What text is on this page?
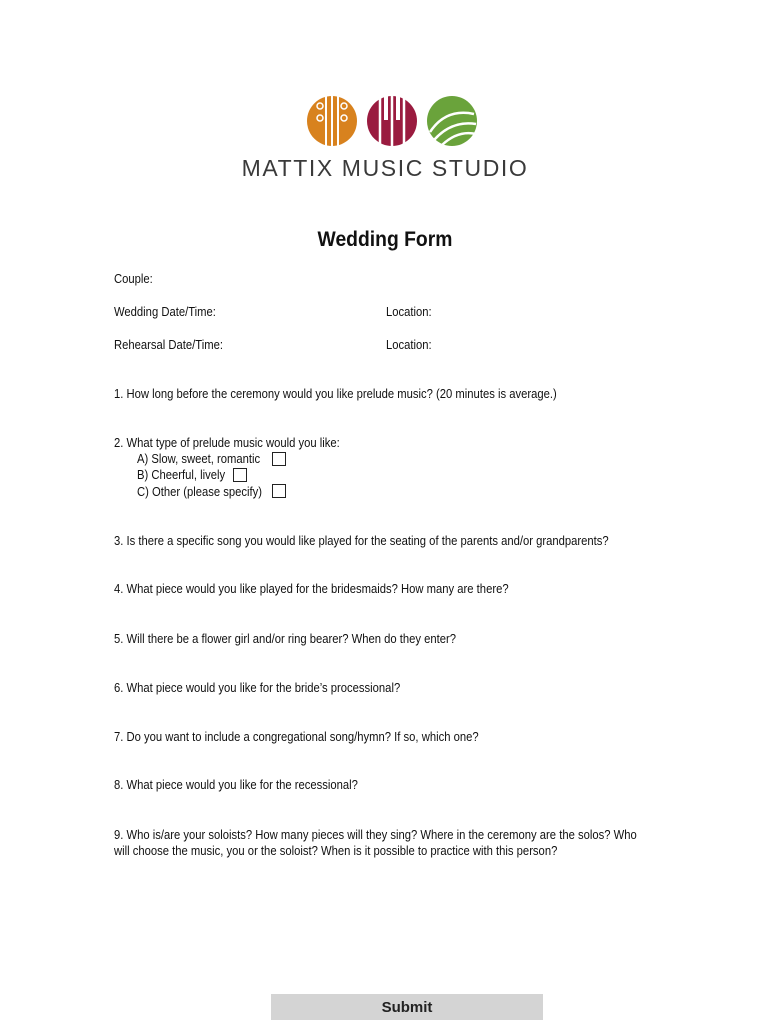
MATTIX MUSIC STUDIO
Wedding Form
Couple:
Wedding Date/Time:	Location:
Rehearsal Date/Time:	Location:
1. How long before the ceremony would you like prelude music? (20 minutes is average.)
2. What type of prelude music would you like:
A) Slow, sweet, romantic
B) Cheerful, lively
C) Other (please specify)
3. Is there a specific song you would like played for the seating of the parents and/or grandparents?
4. What piece would you like played for the bridesmaids? How many are there?
5. Will there be a flower girl and/or ring bearer? When do they enter?
6. What piece would you like for the bride’s processional?
7. Do you want to include a congregational song/hymn? If so, which one?
8. What piece would you like for the recessional?
9. Who is/are your soloists? How many pieces will they sing? Where in the ceremony are the solos? Who will choose the music, you or the soloist? When is it possible to practice with this person?
Submit
